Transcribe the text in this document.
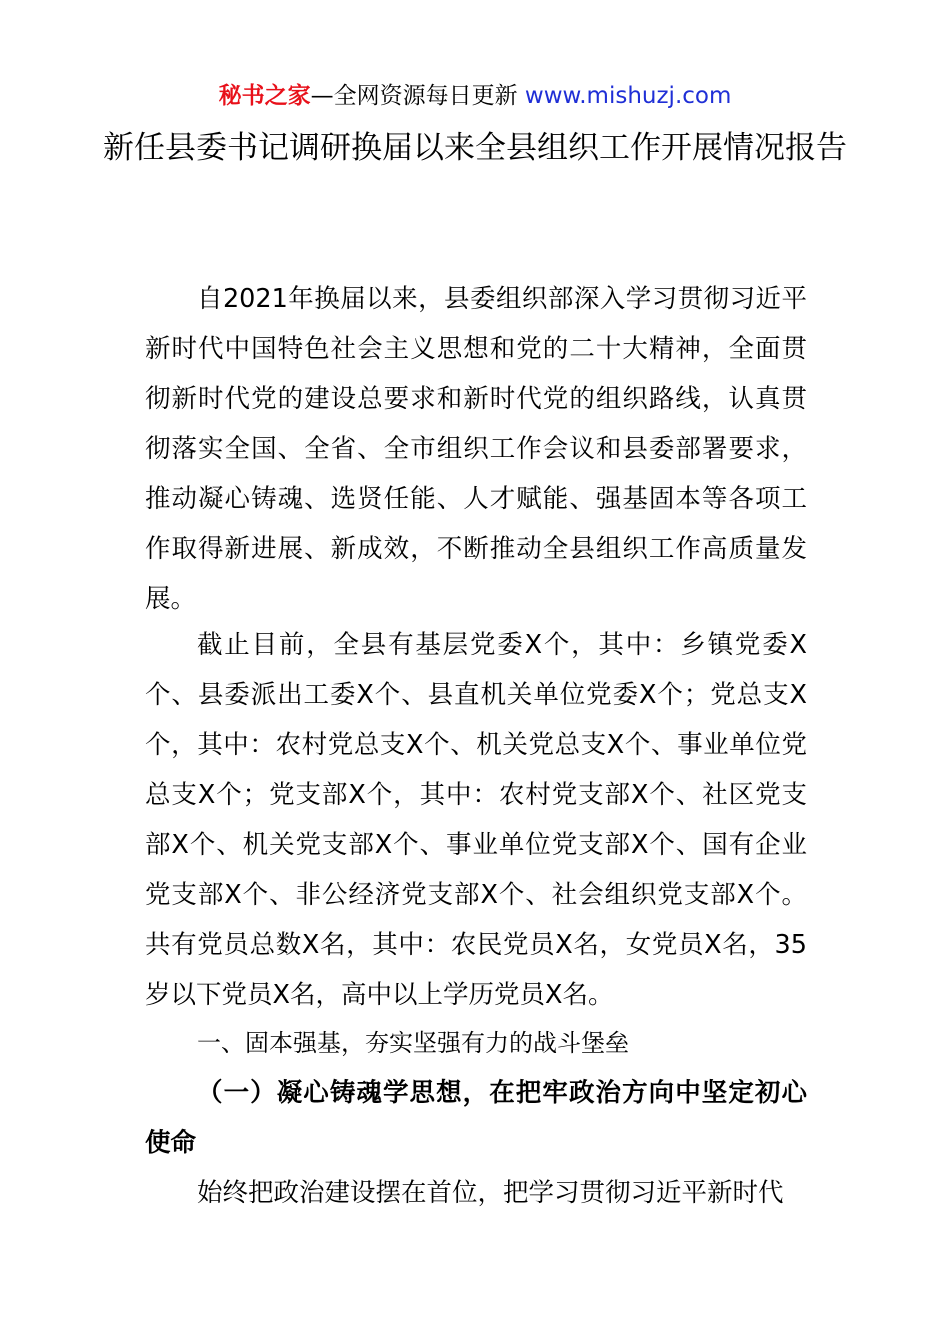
秘书之家—全网资源每日更新 www.mishuzj.com
新任县委书记调研换届以来全县组织工作开展情况报告
自2021年换届以来，县委组织部深入学习贯彻习近平新时代中国特色社会主义思想和党的二十大精神，全面贯彻新时代党的建设总要求和新时代党的组织路线，认真贯彻落实全国、全省、全市组织工作会议和县委部署要求，推动凝心铸魂、选贤任能、人才赋能、强基固本等各项工作取得新进展、新成效，不断推动全县组织工作高质量发展。
截止目前，全县有基层党委X个，其中：乡镇党委X个、县委派出工委X个、县直机关单位党委X个；党总支X个，其中：农村党总支X个、机关党总支X个、事业单位党总支X个；党支部X个，其中：农村党支部X个、社区党支部X个、机关党支部X个、事业单位党支部X个、国有企业党支部X个、非公经济党支部X个、社会组织党支部X个。共有党员总数X名，其中：农民党员X名，女党员X名，35岁以下党员X名，高中以上学历党员X名。
一、固本强基，夯实坚强有力的战斗堡垒
（一）凝心铸魂学思想，在把牢政治方向中坚定初心使命
始终把政治建设摆在首位，把学习贯彻习近平新时代
